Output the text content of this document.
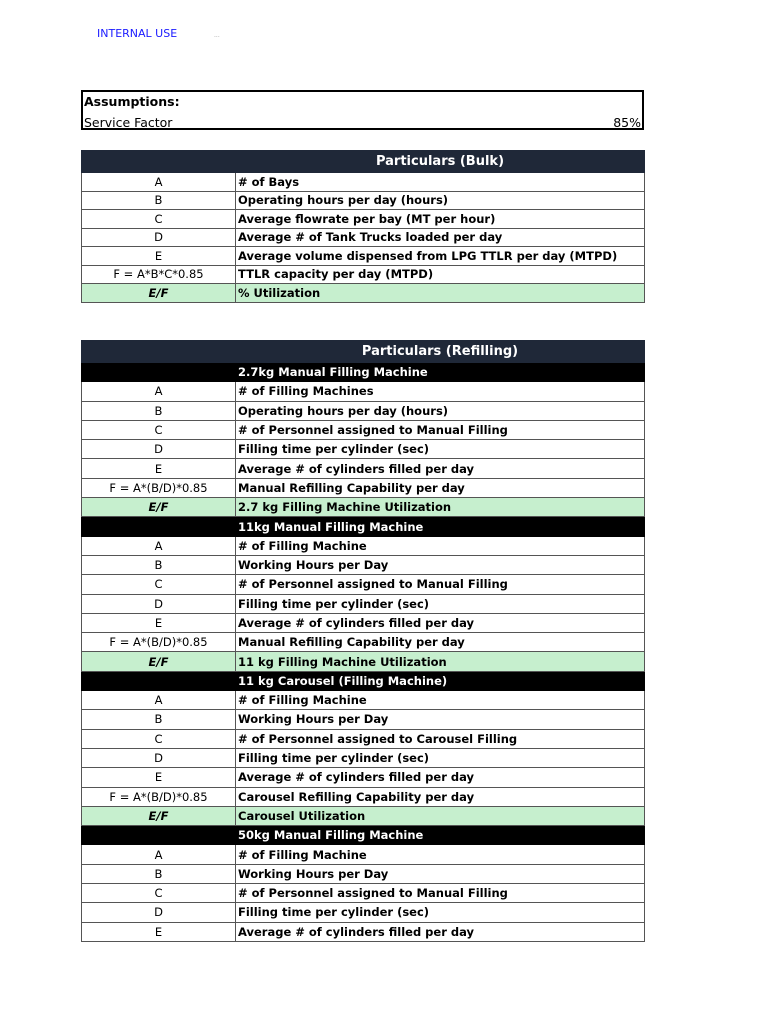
INTERNAL USE	...
Assumptions:
Service Factor	85%
	Particulars (Bulk)
A	# of Bays
B	Operating hours per day (hours)
C	Average flowrate per bay (MT per hour)
D	Average # of Tank Trucks loaded per day
E	Average volume dispensed from LPG TTLR per day (MTPD)
F = A*B*C*0.85	TTLR capacity per day (MTPD)
E/F	% Utilization
	Particulars (Refilling)
	2.7kg Manual Filling Machine
A	# of Filling Machines
B	Operating hours per day (hours)
C	# of Personnel assigned to Manual Filling
D	Filling time per cylinder (sec)
E	Average # of cylinders filled per day
F = A*(B/D)*0.85	Manual Refilling Capability per day
E/F	2.7 kg Filling Machine Utilization
	11kg Manual Filling Machine
A	# of Filling Machine
B	Working Hours per Day
C	# of Personnel assigned to Manual Filling
D	Filling time per cylinder (sec)
E	Average # of cylinders filled per day
F = A*(B/D)*0.85	Manual Refilling Capability per day
E/F	11 kg Filling Machine Utilization
	11 kg Carousel (Filling Machine)
A	# of Filling Machine
B	Working Hours per Day
C	# of Personnel assigned to Carousel Filling
D	Filling time per cylinder (sec)
E	Average # of cylinders filled per day
F = A*(B/D)*0.85	Carousel Refilling Capability per day
E/F	Carousel Utilization
	50kg Manual Filling Machine
A	# of Filling Machine
B	Working Hours per Day
C	# of Personnel assigned to Manual Filling
D	Filling time per cylinder (sec)
E	Average # of cylinders filled per day
